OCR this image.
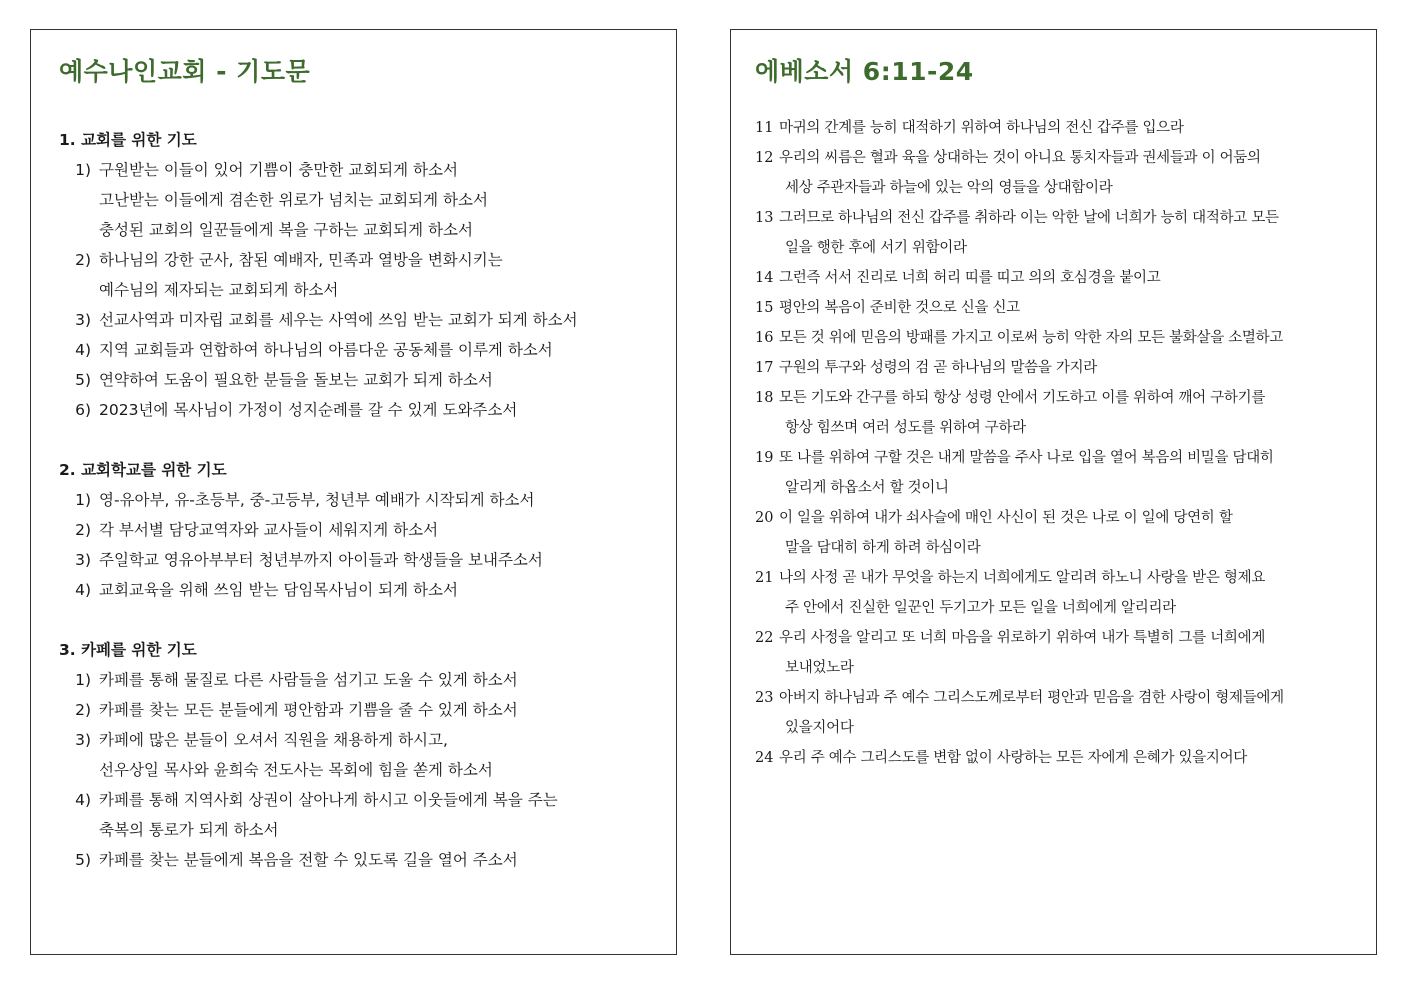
예수나인교회 - 기도문
1. 교회를 위한 기도
1) 구원받는 이들이 있어 기쁨이 충만한 교회되게 하소서
고난받는 이들에게 겸손한 위로가 넘치는 교회되게 하소서
충성된 교회의 일꾼들에게 복을 구하는 교회되게 하소서
2) 하나님의 강한 군사, 참된 예배자, 민족과 열방을 변화시키는
예수님의 제자되는 교회되게 하소서
3) 선교사역과 미자립 교회를 세우는 사역에 쓰임 받는 교회가 되게 하소서
4) 지역 교회들과 연합하여 하나님의 아름다운 공동체를 이루게 하소서
5) 연약하여 도움이 필요한 분들을 돌보는 교회가 되게 하소서
6) 2023년에 목사님이 가정이 성지순례를 갈 수 있게 도와주소서
2. 교회학교를 위한 기도
1) 영-유아부, 유-초등부, 중-고등부, 청년부 예배가 시작되게 하소서
2) 각 부서별 담당교역자와 교사들이 세워지게 하소서
3) 주일학교 영유아부부터 청년부까지 아이들과 학생들을 보내주소서
4) 교회교육을 위해 쓰임 받는 담임목사님이 되게 하소서
3. 카페를 위한 기도
1) 카페를 통해 물질로 다른 사람들을 섬기고 도울 수 있게 하소서
2) 카페를 찾는 모든 분들에게 평안함과 기쁨을 줄 수 있게 하소서
3) 카페에 많은 분들이 오셔서 직원을 채용하게 하시고,
선우상일 목사와 윤희숙 전도사는 목회에 힘을 쏟게 하소서
4) 카페를 통해 지역사회 상권이 살아나게 하시고 이웃들에게 복을 주는
축복의 통로가 되게 하소서
5) 카페를 찾는 분들에게 복음을 전할 수 있도록 길을 열어 주소서
에베소서 6:11-24
11 마귀의 간계를 능히 대적하기 위하여 하나님의 전신 갑주를 입으라
12 우리의 씨름은 혈과 육을 상대하는 것이 아니요 통치자들과 권세들과 이 어둠의
세상 주관자들과 하늘에 있는 악의 영들을 상대함이라
13 그러므로 하나님의 전신 갑주를 취하라 이는 악한 날에 너희가 능히 대적하고 모든
일을 행한 후에 서기 위함이라
14 그런즉 서서 진리로 너희 허리 띠를 띠고 의의 호심경을 붙이고
15 평안의 복음이 준비한 것으로 신을 신고
16 모든 것 위에 믿음의 방패를 가지고 이로써 능히 악한 자의 모든 불화살을 소멸하고
17 구원의 투구와 성령의 검 곧 하나님의 말씀을 가지라
18 모든 기도와 간구를 하되 항상 성령 안에서 기도하고 이를 위하여 깨어 구하기를
항상 힘쓰며 여러 성도를 위하여 구하라
19 또 나를 위하여 구할 것은 내게 말씀을 주사 나로 입을 열어 복음의 비밀을 담대히
알리게 하옵소서 할 것이니
20 이 일을 위하여 내가 쇠사슬에 매인 사신이 된 것은 나로 이 일에 당연히 할
말을 담대히 하게 하려 하심이라
21 나의 사정 곧 내가 무엇을 하는지 너희에게도 알리려 하노니 사랑을 받은 형제요
주 안에서 진실한 일꾼인 두기고가 모든 일을 너희에게 알리리라
22 우리 사정을 알리고 또 너희 마음을 위로하기 위하여 내가 특별히 그를 너희에게
보내었노라
23 아버지 하나님과 주 예수 그리스도께로부터 평안과 믿음을 겸한 사랑이 형제들에게
있을지어다
24 우리 주 예수 그리스도를 변함 없이 사랑하는 모든 자에게 은혜가 있을지어다
